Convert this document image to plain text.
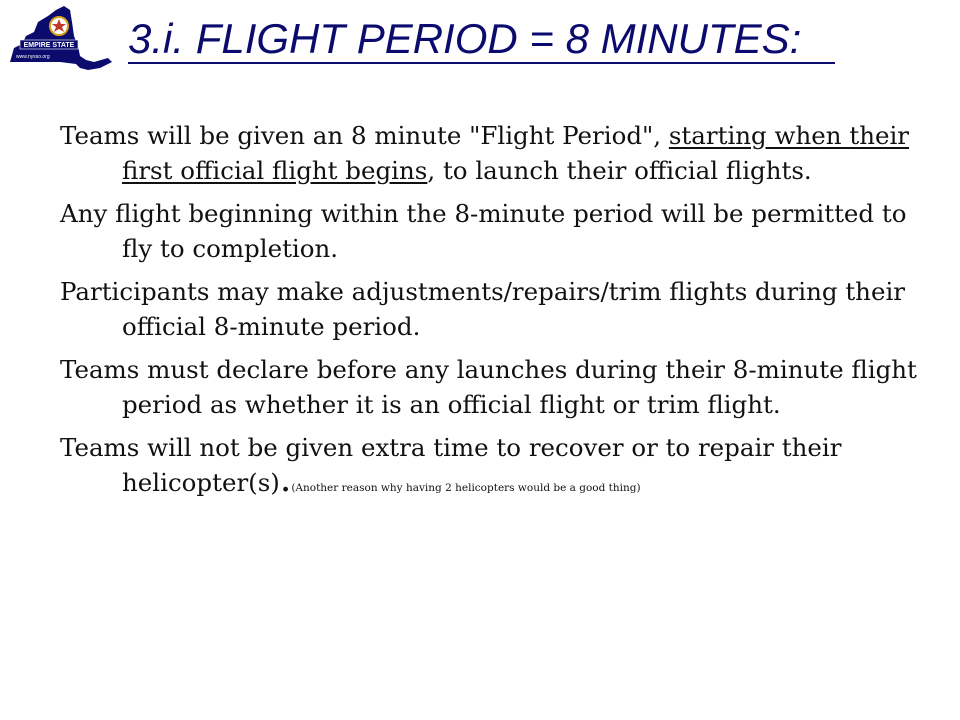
EMPIRE STATE
www.nysso.org 3.i. FLIGHT PERIOD = 8 MINUTES:

Teams will be given an 8 minute "Flight Period", starting when their first official flight begins, to launch their official flights.

Any flight beginning within the 8-minute period will be permitted to fly to completion.

Participants may make adjustments/repairs/trim flights during their official 8-minute period.

Teams must declare before any launches during their 8-minute flight period as whether it is an official flight or trim flight.

Teams will not be given extra time to recover or to repair their helicopter(s).(Another reason why having 2 helicopters would be a good thing)
